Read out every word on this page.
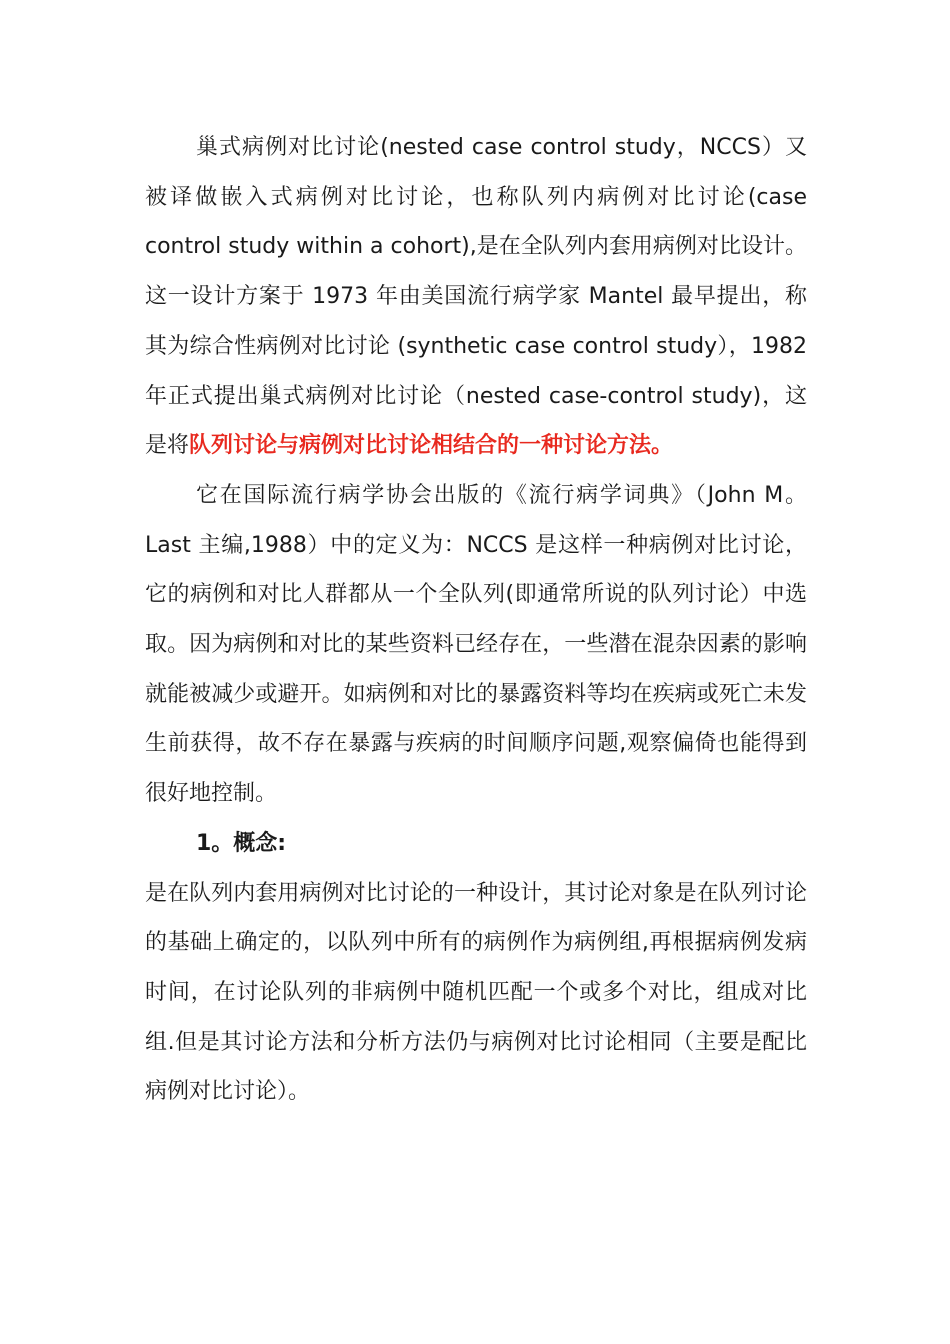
巢式病例对比讨论(nested case control study，NCCS）又被译做嵌入式病例对比讨论，也称队列内病例对比讨论(case control study within a cohort),是在全队列内套用病例对比设计。这一设计方案于 1973 年由美国流行病学家 Mantel 最早提出，称其为综合性病例对比讨论 (synthetic case control study），1982 年正式提出巢式病例对比讨论（nested case-control study)，这是将队列讨论与病例对比讨论相结合的一种讨论方法。

它在国际流行病学协会出版的《流行病学词典》（John M。Last 主编,1988）中的定义为：NCCS 是这样一种病例对比讨论，它的病例和对比人群都从一个全队列(即通常所说的队列讨论）中选取。因为病例和对比的某些资料已经存在，一些潜在混杂因素的影响就能被减少或避开。如病例和对比的暴露资料等均在疾病或死亡未发生前获得，故不存在暴露与疾病的时间顺序问题,观察偏倚也能得到很好地控制。

1。概念:

是在队列内套用病例对比讨论的一种设计，其讨论对象是在队列讨论的基础上确定的，以队列中所有的病例作为病例组,再根据病例发病时间，在讨论队列的非病例中随机匹配一个或多个对比，组成对比组.但是其讨论方法和分析方法仍与病例对比讨论相同（主要是配比病例对比讨论）。
